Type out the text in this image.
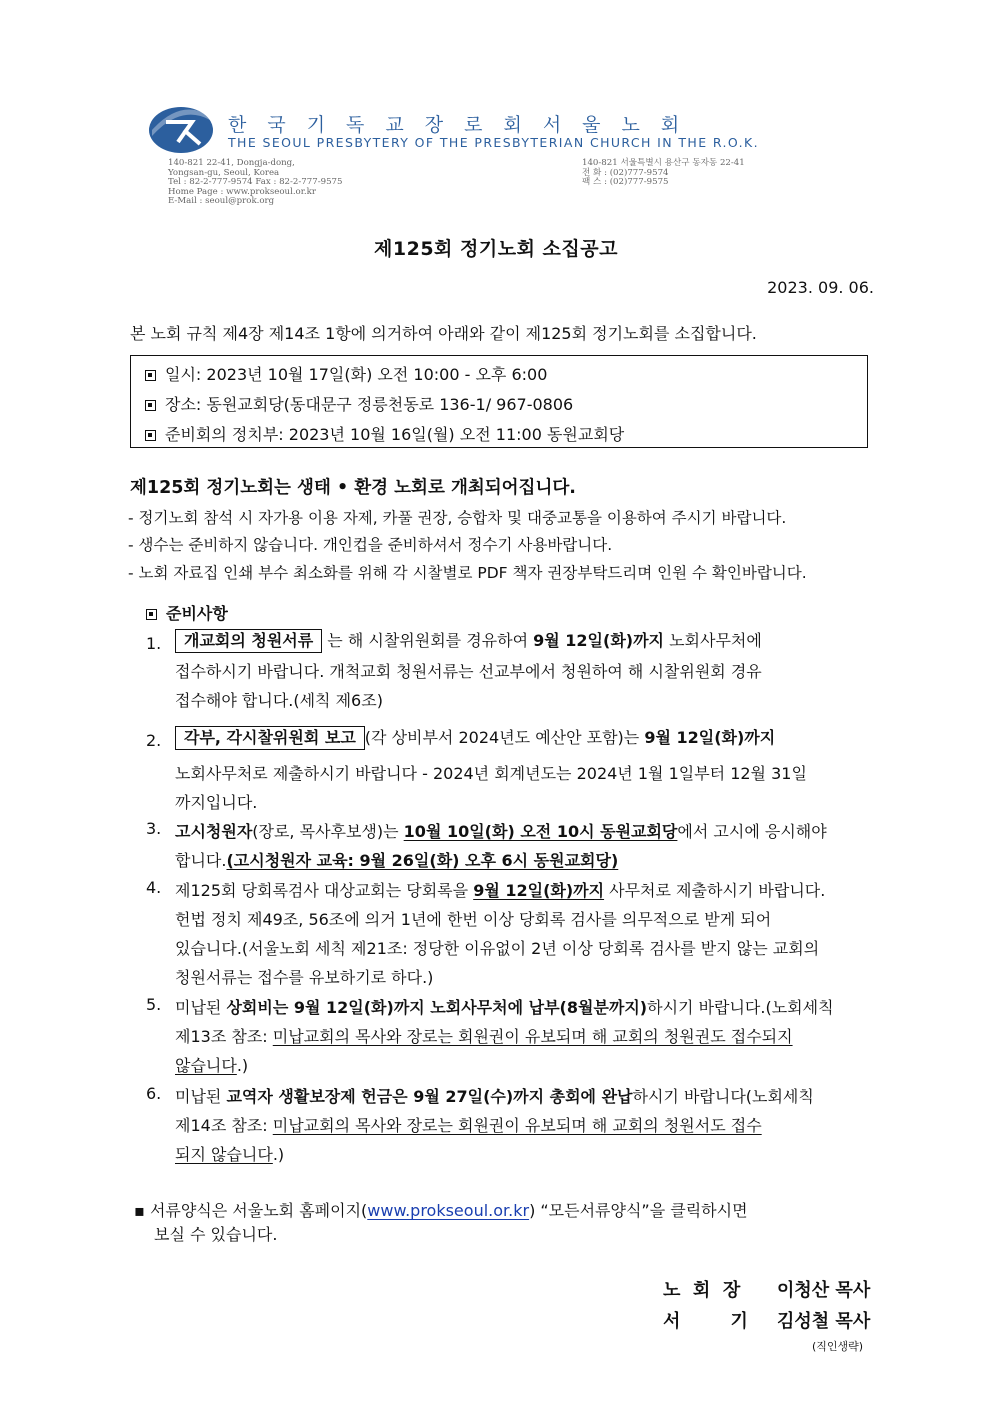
한국기독교장로회서울노회
THE SEOUL PRESBYTERY OF THE PRESBYTERIAN CHURCH IN THE R.O.K.
140-821 22-41, Dongja-dong,
Yongsan-gu, Seoul, Korea
Tel : 82-2-777-9574 Fax : 82-2-777-9575
Home Page : www.prokseoul.or.kr
E-Mail : seoul@prok.org
140-821 서울특별시 용산구 동자동 22-41
전 화 : (02)777-9574
팩 스 : (02)777-9575
제125회 정기노회 소집공고
2023. 09. 06.
본 노회 규칙 제4장 제14조 1항에 의거하여 아래와 같이 제125회 정기노회를 소집합니다.
일시: 2023년 10월 17일(화) 오전 10:00 - 오후 6:00
장소: 동원교회당(동대문구 정릉천동로 136-1/ 967-0806
준비회의 정치부: 2023년 10월 16일(월) 오전 11:00 동원교회당
제125회 정기노회는 생태 • 환경 노회로 개최되어집니다.
- 정기노회 참석 시 자가용 이용 자제, 카풀 권장, 승합차 및 대중교통을 이용하여 주시기 바랍니다.
- 생수는 준비하지 않습니다. 개인컵을 준비하셔서 정수기 사용바랍니다.
- 노회 자료집 인쇄 부수 최소화를 위해 각 시찰별로 PDF 책자 권장부탁드리며 인원 수 확인바랍니다.
준비사항
1.	개교회의 청원서류 는 해 시찰위원회를 경유하여 9월 12일(화)까지 노회사무처에
접수하시기 바랍니다. 개척교회 청원서류는 선교부에서 청원하여 해 시찰위원회 경유
접수해야 합니다.(세칙 제6조)
2.	각부, 각시찰위원회 보고 (각 상비부서 2024년도 예산안 포함)는 9월 12일(화)까지
노회사무처로 제출하시기 바랍니다 - 2024년 회계년도는 2024년 1월 1일부터 12월 31일
까지입니다.
3. 고시청원자(장로, 목사후보생)는 10월 10일(화) 오전 10시 동원교회당에서 고시에 응시해야
합니다.(고시청원자 교육: 9월 26일(화) 오후 6시 동원교회당)
4. 제125회 당회록검사 대상교회는 당회록을 9월 12일(화)까지 사무처로 제출하시기 바랍니다.
헌법 정치 제49조, 56조에 의거 1년에 한번 이상 당회록 검사를 의무적으로 받게 되어
있습니다.(서울노회 세칙 제21조: 정당한 이유없이 2년 이상 당회록 검사를 받지 않는 교회의
청원서류는 접수를 유보하기로 하다.)
5. 미납된 상회비는 9월 12일(화)까지 노회사무처에 납부(8월분까지)하시기 바랍니다.(노회세칙
제13조 참조: 미납교회의 목사와 장로는 회원권이 유보되며 해 교회의 청원권도 접수되지
않습니다.)
6. 미납된 교역자 생활보장제 헌금은 9월 27일(수)까지 총회에 완납하시기 바랍니다(노회세칙
제14조 참조: 미납교회의 목사와 장로는 회원권이 유보되며 해 교회의 청원서도 접수
되지 않습니다.)
▪ 서류양식은 서울노회 홈페이지(www.prokseoul.or.kr) “모든서류양식”을 클릭하시면
보실 수 있습니다.
노  회  장 이청산 목사
서        기 김성철 목사
(직인생략)
